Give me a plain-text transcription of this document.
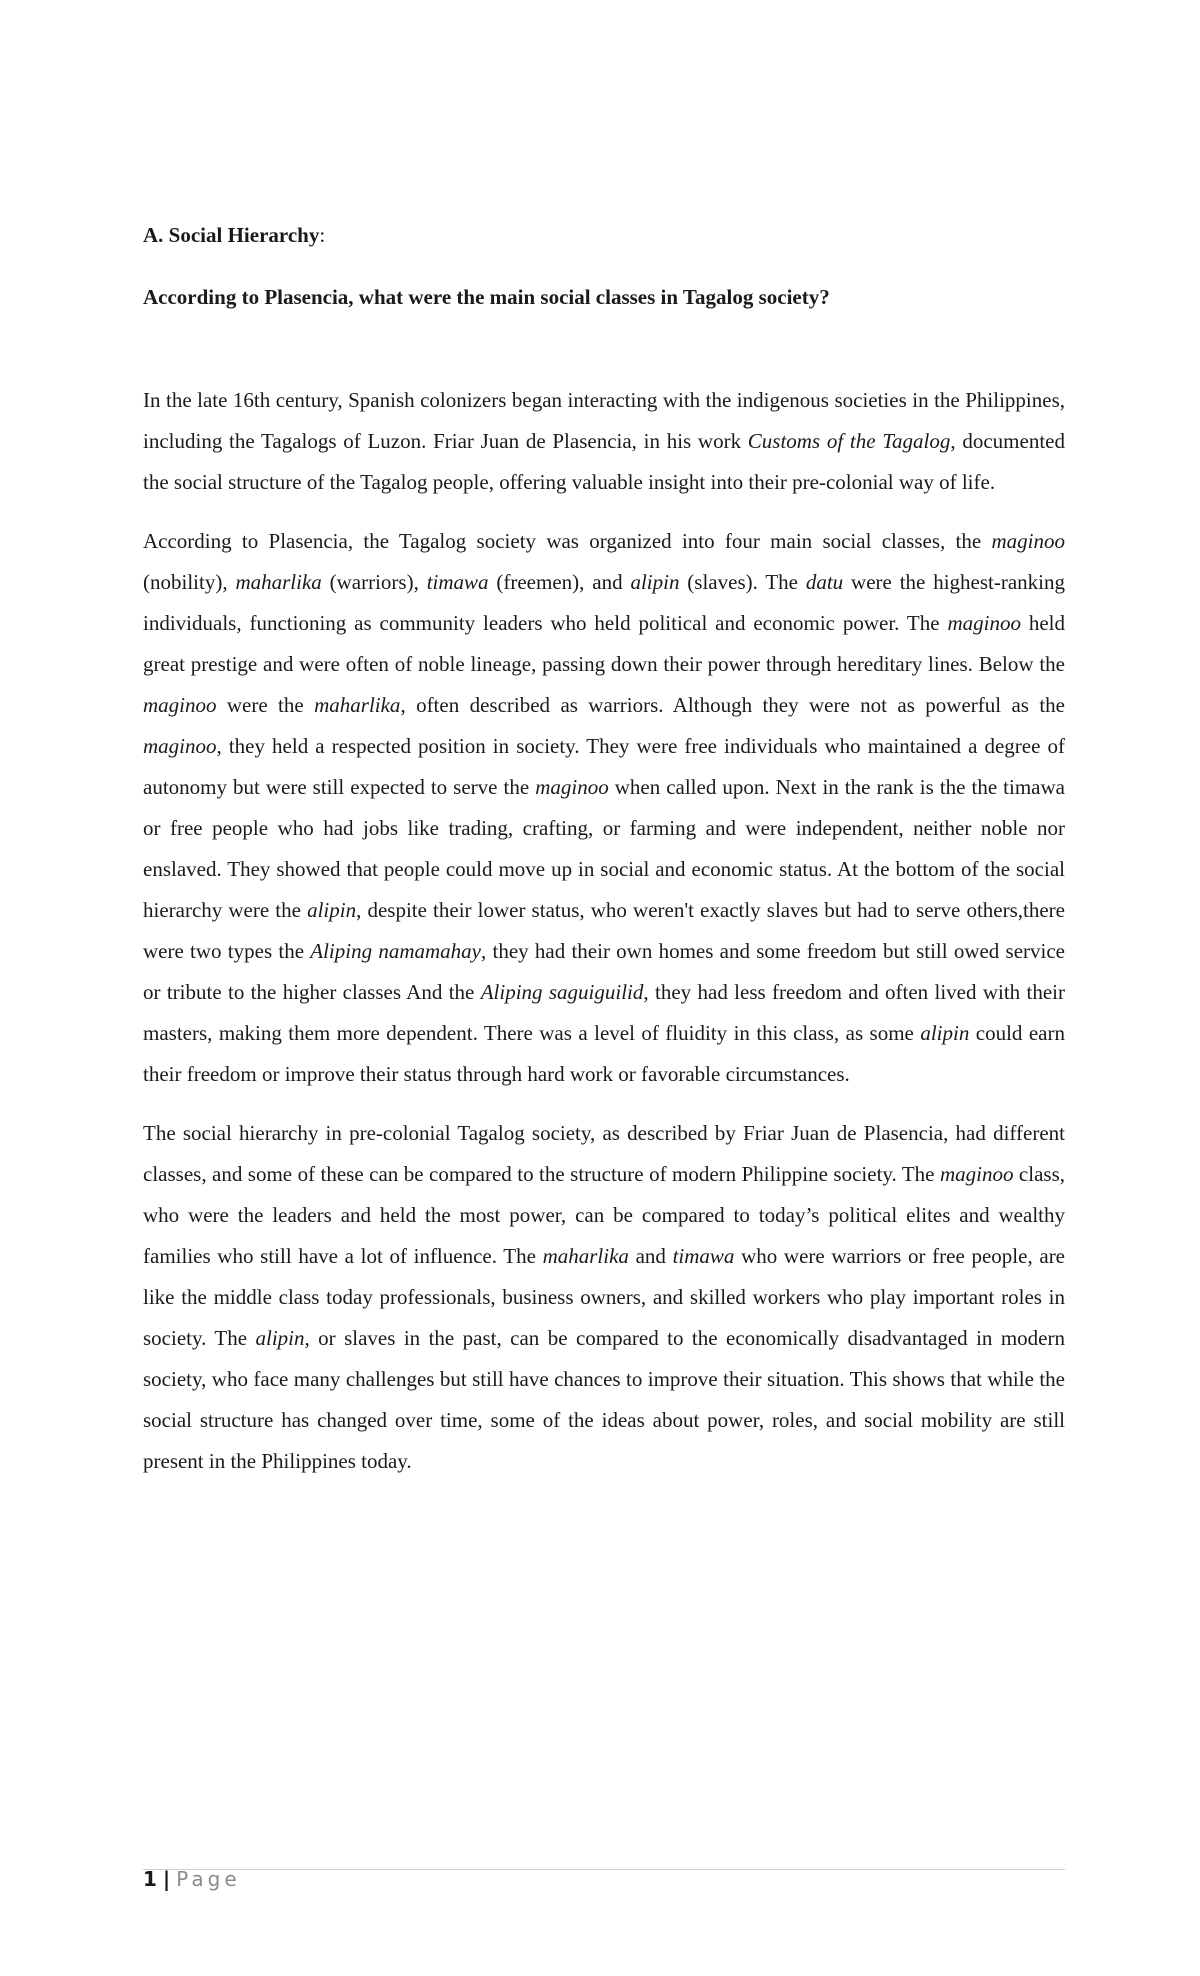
A. Social Hierarchy:

According to Plasencia, what were the main social classes in Tagalog society?

In the late 16th century, Spanish colonizers began interacting with the indigenous societies in the Philippines, including the Tagalogs of Luzon. Friar Juan de Plasencia, in his work Customs of the Tagalog, documented the social structure of the Tagalog people, offering valuable insight into their pre-colonial way of life.

According to Plasencia, the Tagalog society was organized into four main social classes, the maginoo (nobility), maharlika (warriors), timawa (freemen), and alipin (slaves). The datu were the highest-ranking individuals, functioning as community leaders who held political and economic power. The maginoo held great prestige and were often of noble lineage, passing down their power through hereditary lines. Below the maginoo were the maharlika, often described as warriors. Although they were not as powerful as the maginoo, they held a respected position in society. They were free individuals who maintained a degree of autonomy but were still expected to serve the maginoo when called upon. Next in the rank is the the timawa or free people who had jobs like trading, crafting, or farming and were independent, neither noble nor enslaved. They showed that people could move up in social and economic status. At the bottom of the social hierarchy were the alipin, despite their lower status, who weren't exactly slaves but had to serve others,there were two types the Aliping namamahay, they had their own homes and some freedom but still owed service or tribute to the higher classes And the Aliping saguiguilid, they had less freedom and often lived with their masters, making them more dependent. There was a level of fluidity in this class, as some alipin could earn their freedom or improve their status through hard work or favorable circumstances.

The social hierarchy in pre-colonial Tagalog society, as described by Friar Juan de Plasencia, had different classes, and some of these can be compared to the structure of modern Philippine society. The maginoo class, who were the leaders and held the most power, can be compared to today’s political elites and wealthy families who still have a lot of influence. The maharlika and timawa who were warriors or free people, are like the middle class today professionals, business owners, and skilled workers who play important roles in society. The alipin, or slaves in the past, can be compared to the economically disadvantaged in modern society, who face many challenges but still have chances to improve their situation. This shows that while the social structure has changed over time, some of the ideas about power, roles, and social mobility are still present in the Philippines today.

1 | Page
